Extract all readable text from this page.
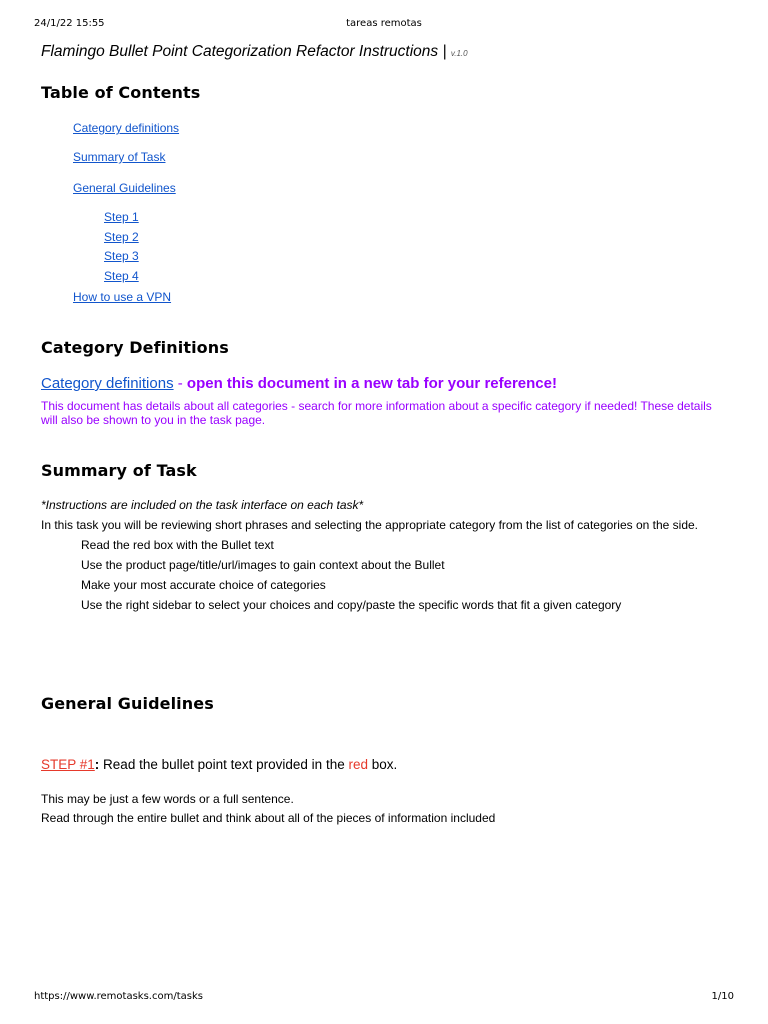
24/1/22 15:55	tareas remotas
Flamingo Bullet Point Categorization Refactor Instructions | v.1.0
Table of Contents
Category definitions
Summary of Task
General Guidelines
Step 1
Step 2
Step 3
Step 4
How to use a VPN
Category Definitions
Category definitions - open this document in a new tab for your reference!
This document has details about all categories - search for more information about a specific category if needed! These details
will also be shown to you in the task page.
Summary of Task
*Instructions are included on the task interface on each task*
In this task you will be reviewing short phrases and selecting the appropriate category from the list of categories on the side.
Read the red box with the Bullet text
Use the product page/title/url/images to gain context about the Bullet
Make your most accurate choice of categories
Use the right sidebar to select your choices and copy/paste the specific words that fit a given category
General Guidelines
STEP #1: Read the bullet point text provided in the red box.
This may be just a few words or a full sentence.
Read through the entire bullet and think about all of the pieces of information included
https://www.remotasks.com/tasks	1/10
